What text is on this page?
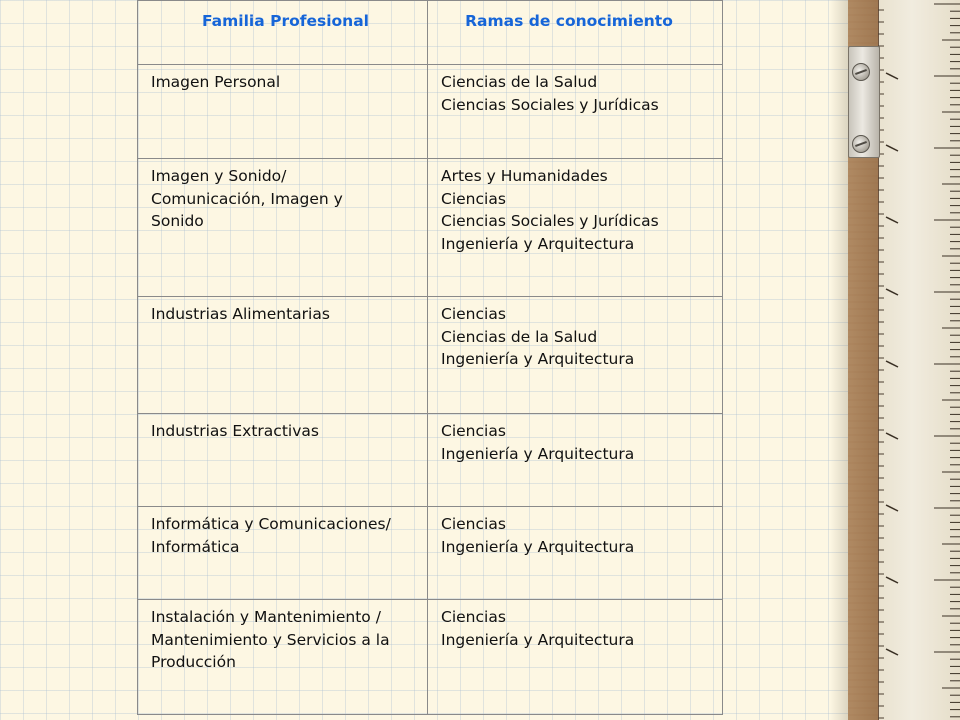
Familia Profesional	Ramas de conocimiento

Imagen Personal	Ciencias de la Salud
Ciencias Sociales y Jurídicas

Imagen y Sonido/
Comunicación, Imagen y
Sonido	Artes y Humanidades
Ciencias
Ciencias Sociales y Jurídicas
Ingeniería y Arquitectura

Industrias Alimentarias	Ciencias
Ciencias de la Salud
Ingeniería y Arquitectura

Industrias Extractivas	Ciencias
Ingeniería y Arquitectura

Informática y Comunicaciones/
Informática	Ciencias
Ingeniería y Arquitectura

Instalación y Mantenimiento /
Mantenimiento y Servicios a la
Producción	Ciencias
Ingeniería y Arquitectura
